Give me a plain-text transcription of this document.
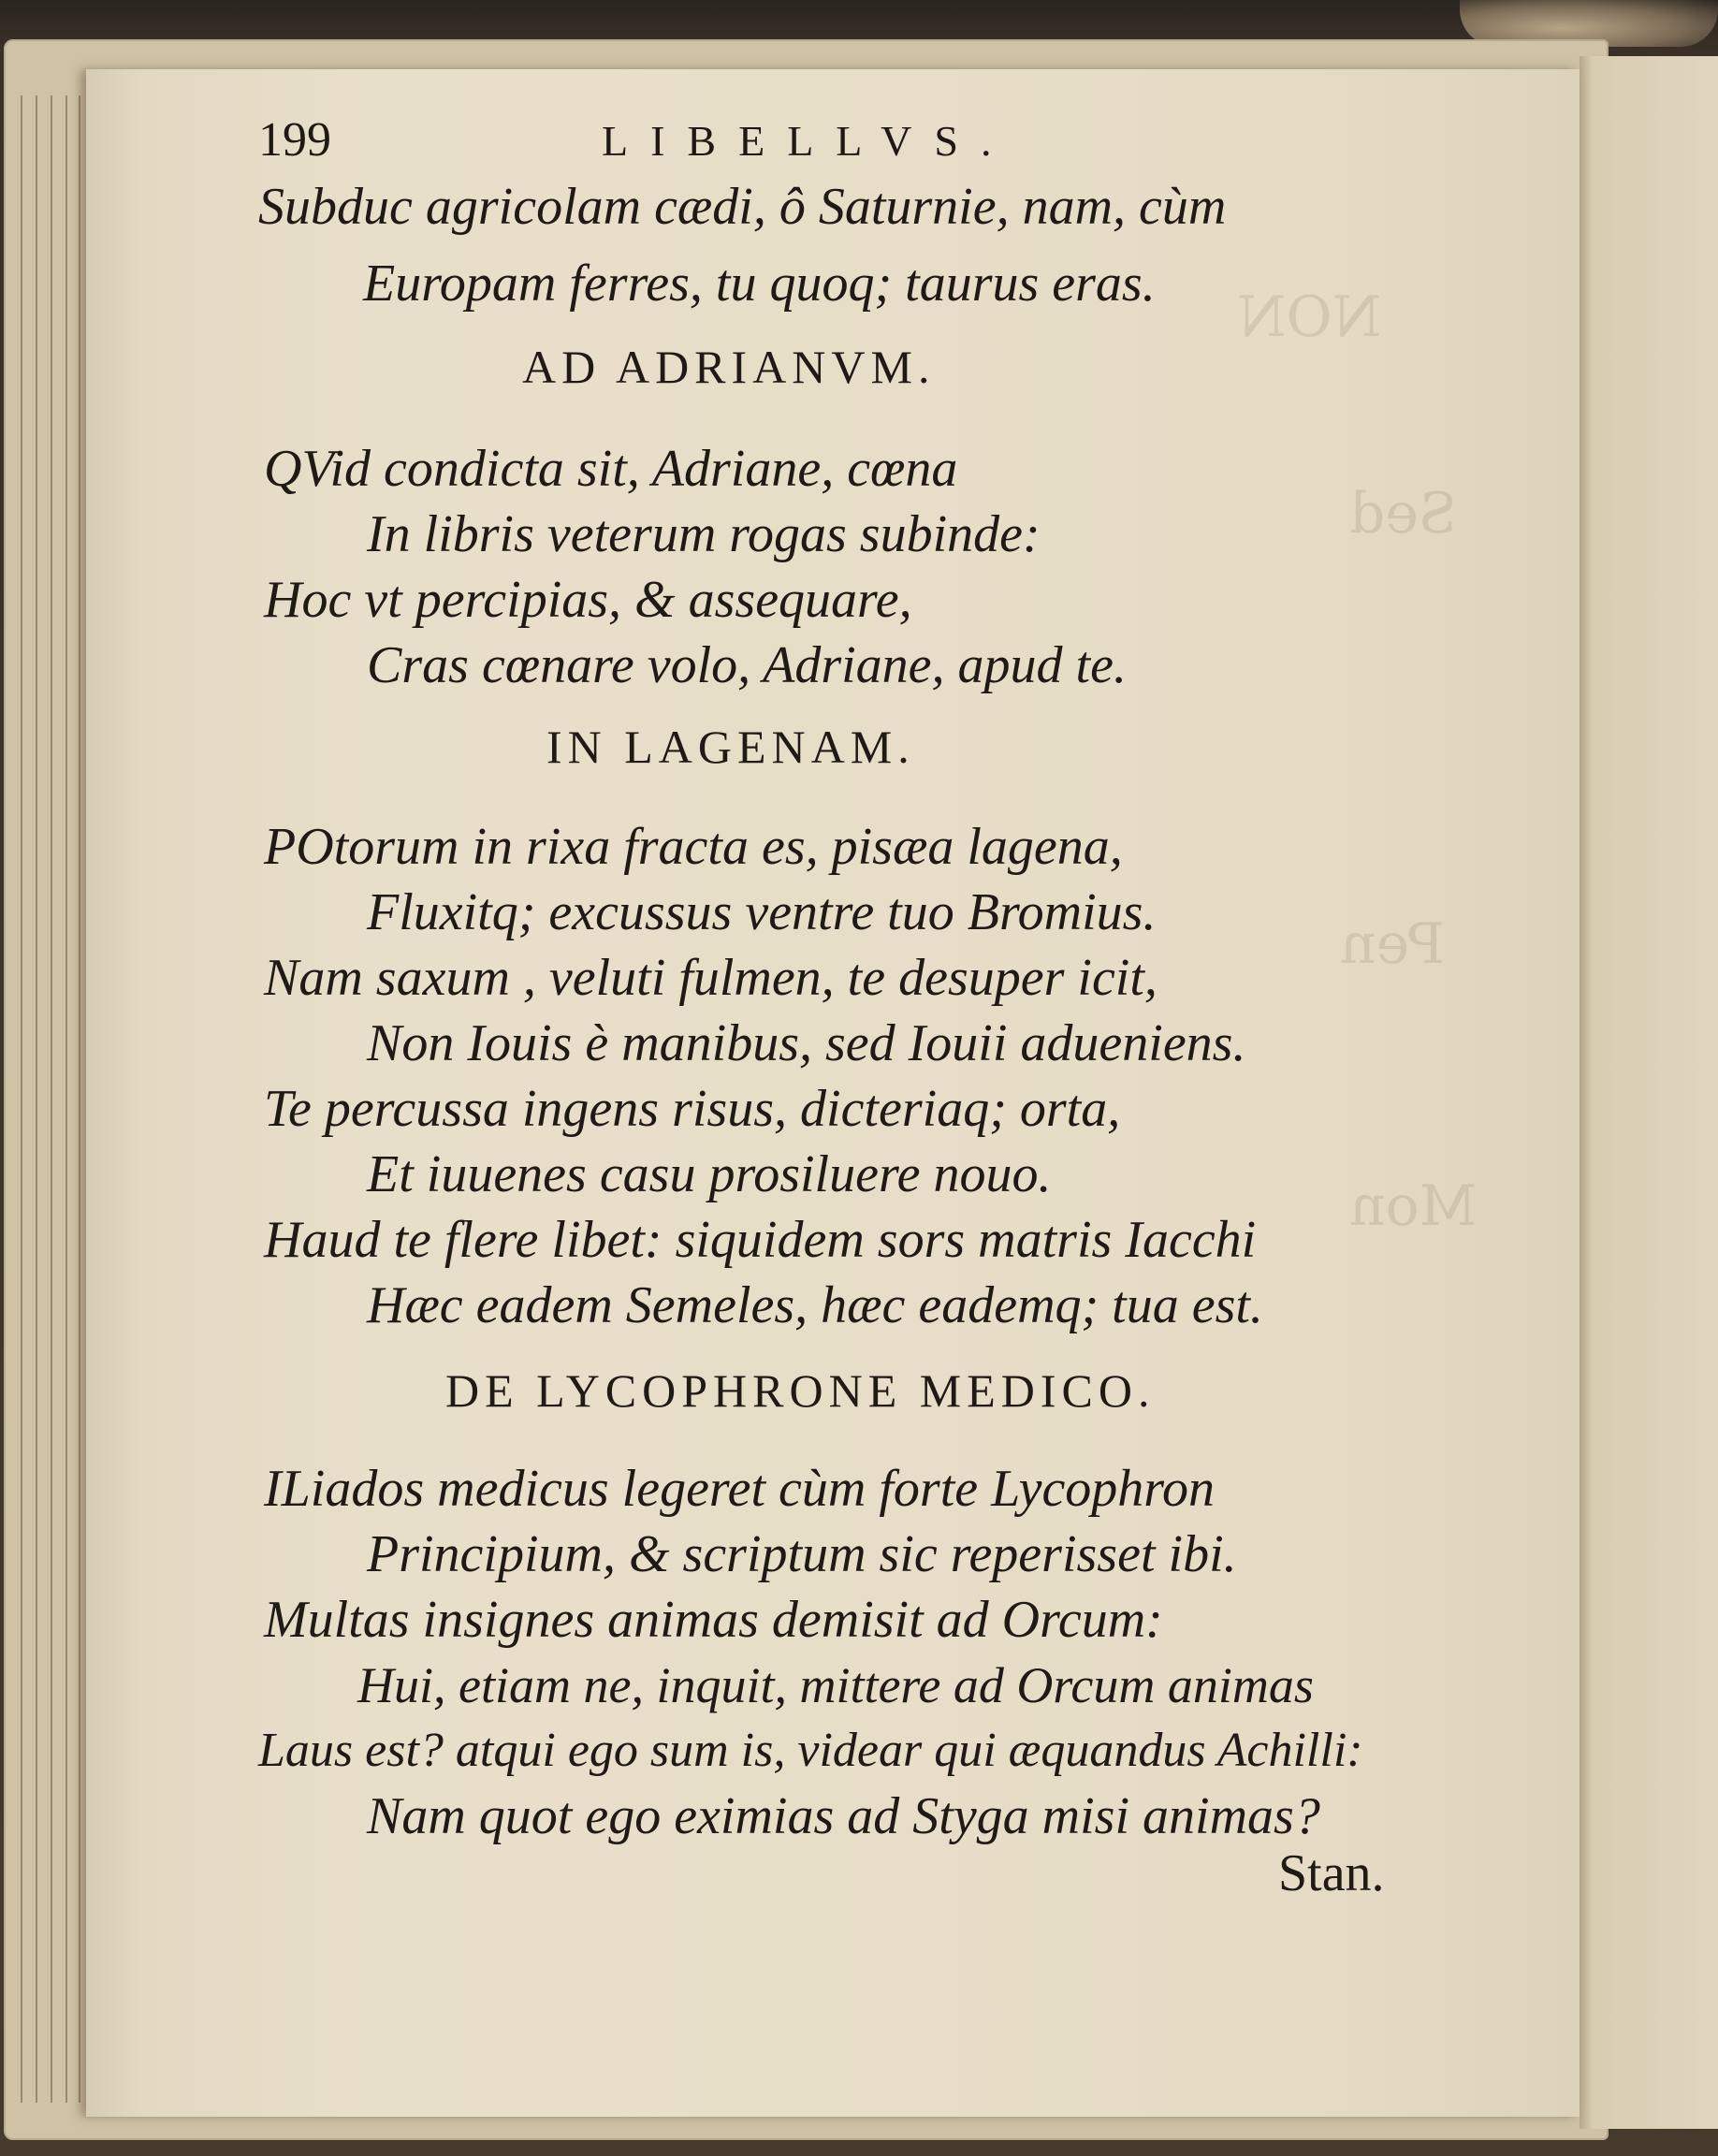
ΝΟΝ
Sed
Pen
Mon
199	LIBELLVS.
Subduc agricolam cædi, ô Saturnie, nam, cùm
Europam ferres, tu quoq; taurus eras.
AD ADRIANVM.
QVid condicta sit, Adriane, cœna
In libris veterum rogas subinde:
Hoc vt percipias, & assequare,
Cras cœnare volo, Adriane, apud te.
IN LAGENAM.
POtorum in rixa fracta es, pisæa lagena,
Fluxitq; excussus ventre tuo Bromius.
Nam saxum , veluti fulmen, te desuper icit,
Non Iouis è manibus, sed Iouii adueniens.
Te percussa ingens risus, dicteriaq; orta,
Et iuuenes casu prosiluere nouo.
Haud te flere libet: siquidem sors matris Iacchi
Hæc eadem Semeles, hæc eademq; tua est.
DE LYCOPHRONE MEDICO.
ILiados medicus legeret cùm forte Lycophron
Principium, & scriptum sic reperisset ibi.
Multas insignes animas demisit ad Orcum:
Hui, etiam ne, inquit, mittere ad Orcum animas
Laus est? atqui ego sum is, videar qui æquandus Achilli:
Nam quot ego eximias ad Styga misi animas?
Stan.
